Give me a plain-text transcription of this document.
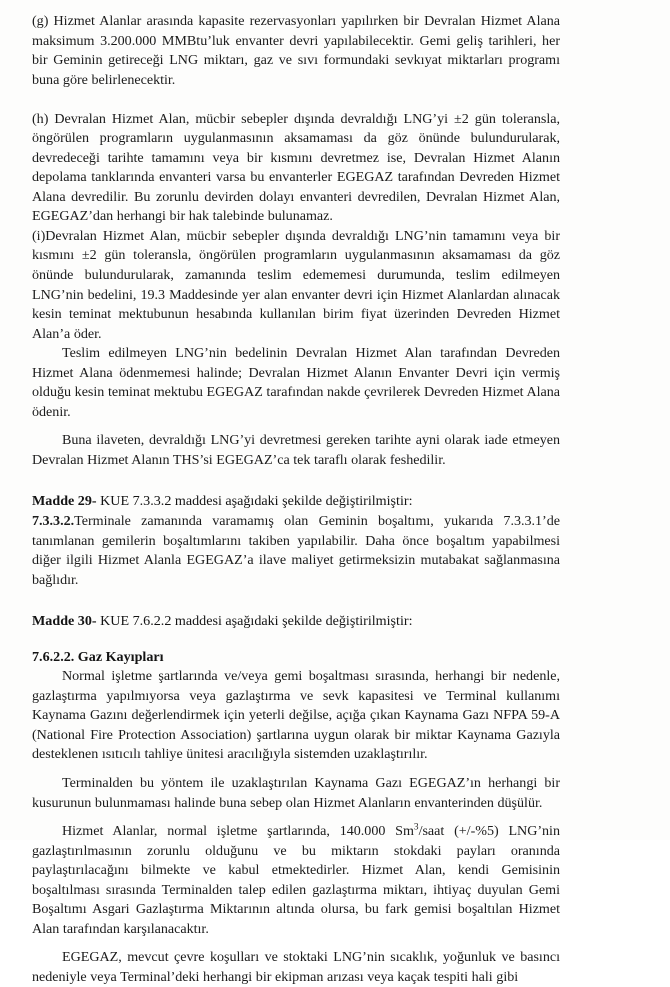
(g) Hizmet Alanlar arasında kapasite rezervasyonları yapılırken bir Devralan Hizmet Alana maksimum 3.200.000 MMBtu’luk envanter devri yapılabilecektir. Gemi geliş tarihleri, her bir Geminin getireceği LNG miktarı, gaz ve sıvı formundaki sevkıyat miktarları programı buna göre belirlenecektir.

(h) Devralan Hizmet Alan, mücbir sebepler dışında devraldığı LNG’yi ±2 gün toleransla, öngörülen programların uygulanmasının aksamaması da göz önünde bulundurularak, devredeceği tarihte tamamını veya bir kısmını devretmez ise, Devralan Hizmet Alanın depolama tanklarında envanteri varsa bu envanterler EGEGAZ tarafından Devreden Hizmet Alana devredilir. Bu zorunlu devirden dolayı envanteri devredilen, Devralan Hizmet Alan, EGEGAZ’dan herhangi bir hak talebinde bulunamaz.

(i)Devralan Hizmet Alan, mücbir sebepler dışında devraldığı LNG’nin tamamını veya bir kısmını ±2 gün toleransla, öngörülen programların uygulanmasının aksamaması da göz önünde bulundurularak, zamanında teslim edememesi durumunda, teslim edilmeyen LNG’nin bedelini, 19.3 Maddesinde yer alan envanter devri için Hizmet Alanlardan alınacak kesin teminat mektubunun hesabında kullanılan birim fiyat üzerinden Devreden Hizmet Alan’a öder.

Teslim edilmeyen LNG’nin bedelinin Devralan Hizmet Alan tarafından Devreden Hizmet Alana ödenmemesi halinde; Devralan Hizmet Alanın Envanter Devri için vermiş olduğu kesin teminat mektubu EGEGAZ tarafından nakde çevrilerek Devreden Hizmet Alana ödenir.

Buna ilaveten, devraldığı LNG’yi devretmesi gereken tarihte ayni olarak iade etmeyen Devralan Hizmet Alanın THS’si EGEGAZ’ca tek taraflı olarak feshedilir.

Madde 29- KUE 7.3.3.2 maddesi aşağıdaki şekilde değiştirilmiştir:

7.3.3.2.Terminale zamanında varamamış olan Geminin boşaltımı, yukarıda 7.3.3.1’de tanımlanan gemilerin boşaltımlarını takiben yapılabilir. Daha önce boşaltım yapabilmesi diğer ilgili Hizmet Alanla EGEGAZ’a ilave maliyet getirmeksizin mutabakat sağlanmasına bağlıdır.

Madde 30- KUE 7.6.2.2 maddesi aşağıdaki şekilde değiştirilmiştir:

7.6.2.2. Gaz Kayıpları

Normal işletme şartlarında ve/veya gemi boşaltması sırasında, herhangi bir nedenle, gazlaştırma yapılmıyorsa veya gazlaştırma ve sevk kapasitesi ve Terminal kullanımı Kaynama Gazını değerlendirmek için yeterli değilse, açığa çıkan Kaynama Gazı NFPA 59-A (National Fire Protection Association) şartlarına uygun olarak bir miktar Kaynama Gazıyla desteklenen ısıtıcılı tahliye ünitesi aracılığıyla sistemden uzaklaştırılır.

Terminalden bu yöntem ile uzaklaştırılan Kaynama Gazı EGEGAZ’ın herhangi bir kusurunun bulunmaması halinde buna sebep olan Hizmet Alanların envanterinden düşülür.

Hizmet Alanlar, normal işletme şartlarında, 140.000 Sm$^3$/saat (+/-%5) LNG’nin gazlaştırılmasının zorunlu olduğunu ve bu miktarın stokdaki payları oranında paylaştırılacağını bilmekte ve kabul etmektedirler. Hizmet Alan, kendi Gemisinin boşaltılması sırasında Terminalden talep edilen gazlaştırma miktarı, ihtiyaç duyulan Gemi Boşaltımı Asgari Gazlaştırma Miktarının altında olursa, bu fark gemisi boşaltılan Hizmet Alan tarafından karşılanacaktır.

EGEGAZ, mevcut çevre koşulları ve stoktaki LNG’nin sıcaklık, yoğunluk ve basıncı nedeniyle veya Terminal’deki herhangi bir ekipman arızası veya kaçak tespiti hali gibi
